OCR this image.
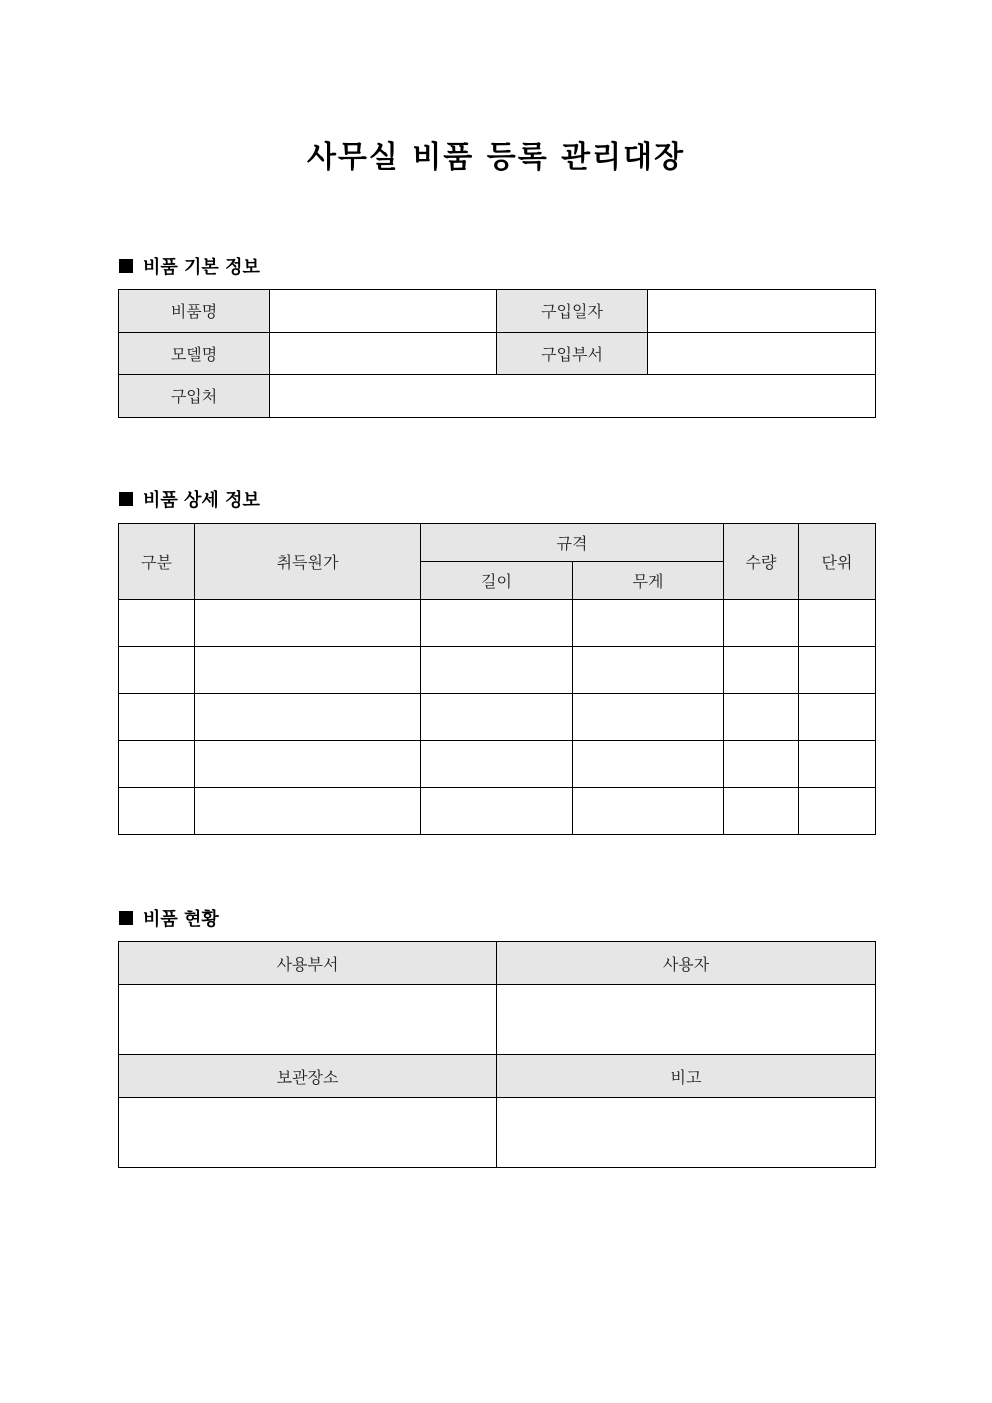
사무실 비품 등록 관리대장
비품 기본 정보
비품명		구입일자	
모델명		구입부서	
구입처			
비품 상세 정보
구분	취득원가	규격		수량	단위
		길이	무게		

비품 현황
사용부서	사용자

보관장소	비고
